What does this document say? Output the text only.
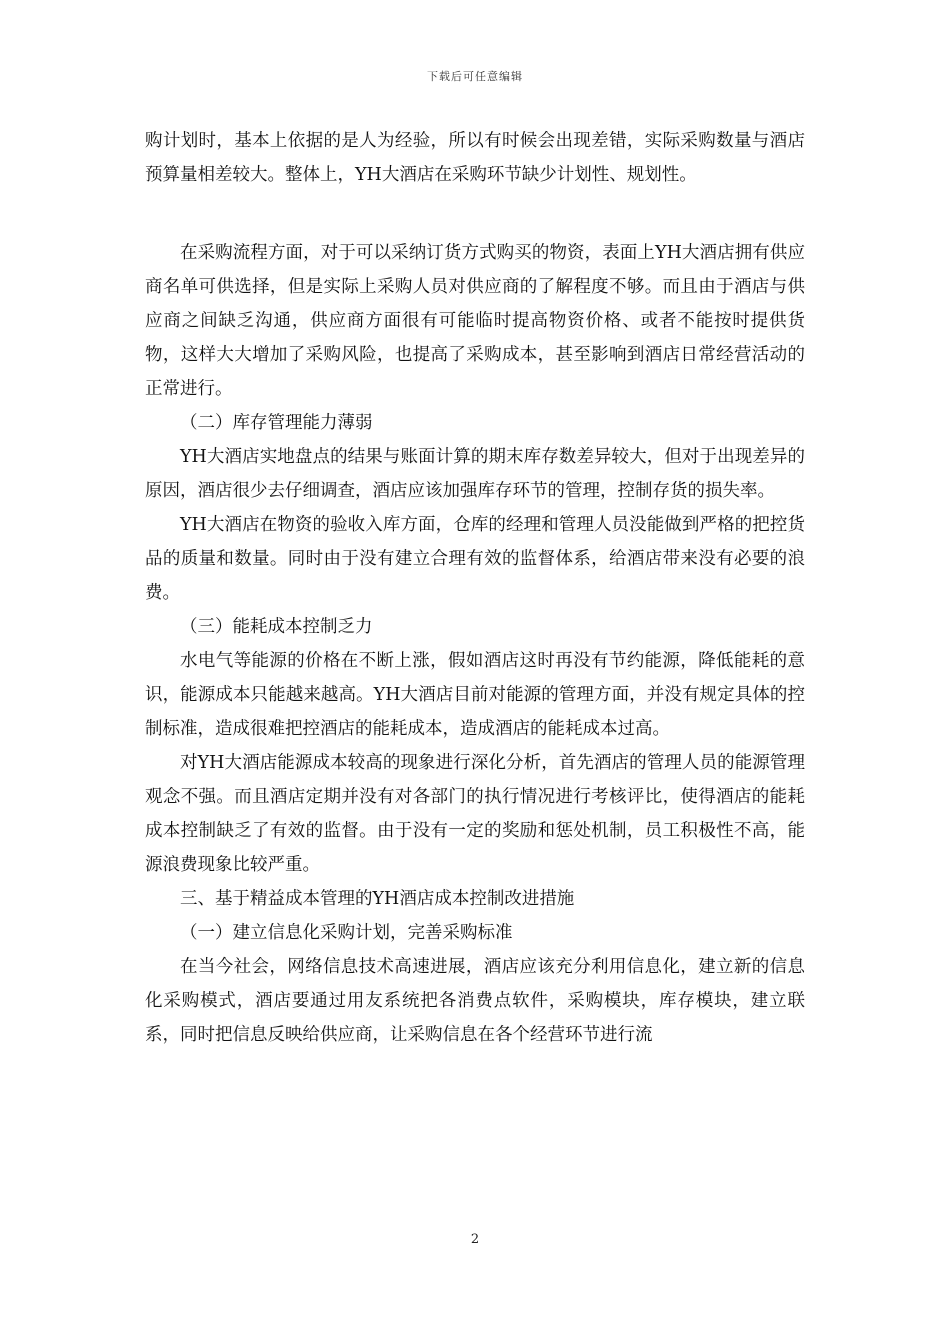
下载后可任意编辑

购计划时，基本上依据的是人为经验，所以有时候会出现差错，实际采购数量与酒店预算量相差较大。整体上，YH大酒店在采购环节缺少计划性、规划性。

在采购流程方面，对于可以采纳订货方式购买的物资，表面上YH大酒店拥有供应商名单可供选择，但是实际上采购人员对供应商的了解程度不够。而且由于酒店与供应商之间缺乏沟通，供应商方面很有可能临时提高物资价格、或者不能按时提供货物，这样大大增加了采购风险，也提高了采购成本，甚至影响到酒店日常经营活动的正常进行。

（二）库存管理能力薄弱

YH大酒店实地盘点的结果与账面计算的期末库存数差异较大，但对于出现差异的原因，酒店很少去仔细调查，酒店应该加强库存环节的管理，控制存货的损失率。

YH大酒店在物资的验收入库方面，仓库的经理和管理人员没能做到严格的把控货品的质量和数量。同时由于没有建立合理有效的监督体系，给酒店带来没有必要的浪费。

（三）能耗成本控制乏力

水电气等能源的价格在不断上涨，假如酒店这时再没有节约能源，降低能耗的意识，能源成本只能越来越高。YH大酒店目前对能源的管理方面，并没有规定具体的控制标准，造成很难把控酒店的能耗成本，造成酒店的能耗成本过高。

对YH大酒店能源成本较高的现象进行深化分析，首先酒店的管理人员的能源管理观念不强。而且酒店定期并没有对各部门的执行情况进行考核评比，使得酒店的能耗成本控制缺乏了有效的监督。由于没有一定的奖励和惩处机制，员工积极性不高，能源浪费现象比较严重。

三、基于精益成本管理的YH酒店成本控制改进措施

（一）建立信息化采购计划，完善采购标准

在当今社会，网络信息技术高速进展，酒店应该充分利用信息化，建立新的信息化采购模式，酒店要通过用友系统把各消费点软件，采购模块，库存模块，建立联系，同时把信息反映给供应商，让采购信息在各个经营环节进行流

2
